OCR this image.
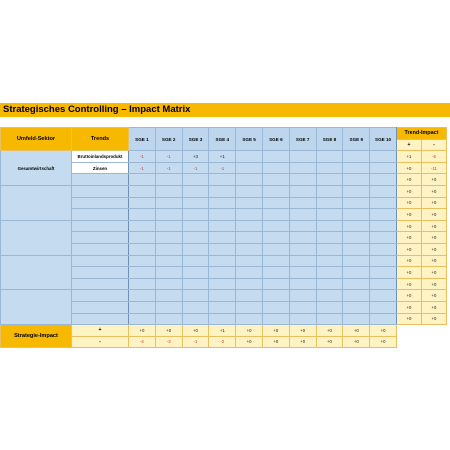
Strategisches Controlling – Impact Matrix
Umfeld-Sektor	Trends	SGE 1	SGE 2	SGE 3	SGE 4	SGE 5	SGE 6	SGE 7	SGE 8	SGE 9	SGE 10	Trend-Impact	
												+	-
Gesamtwirtschaft	Bruttoinlandsprodukt	-1	-1	+3	+1							+1	-5
	Zinsen	-1	-1	-1	-1							+0	-11
												+0	+0
												+0	+0
												+0	+0
												+0	+0
												+0	+0
												+0	+0
												+0	+0
												+0	+0
												+0	+0
												+0	+0
												+0	+0
												+0	+0
												+0	+0
Strategie-Impact	+	+0	+0	+0	+1	+0	+0	+0	+0	+0	+0		
	-	-4	-3	-1	-2	+0	+0	+0	+0	+0	+0		
